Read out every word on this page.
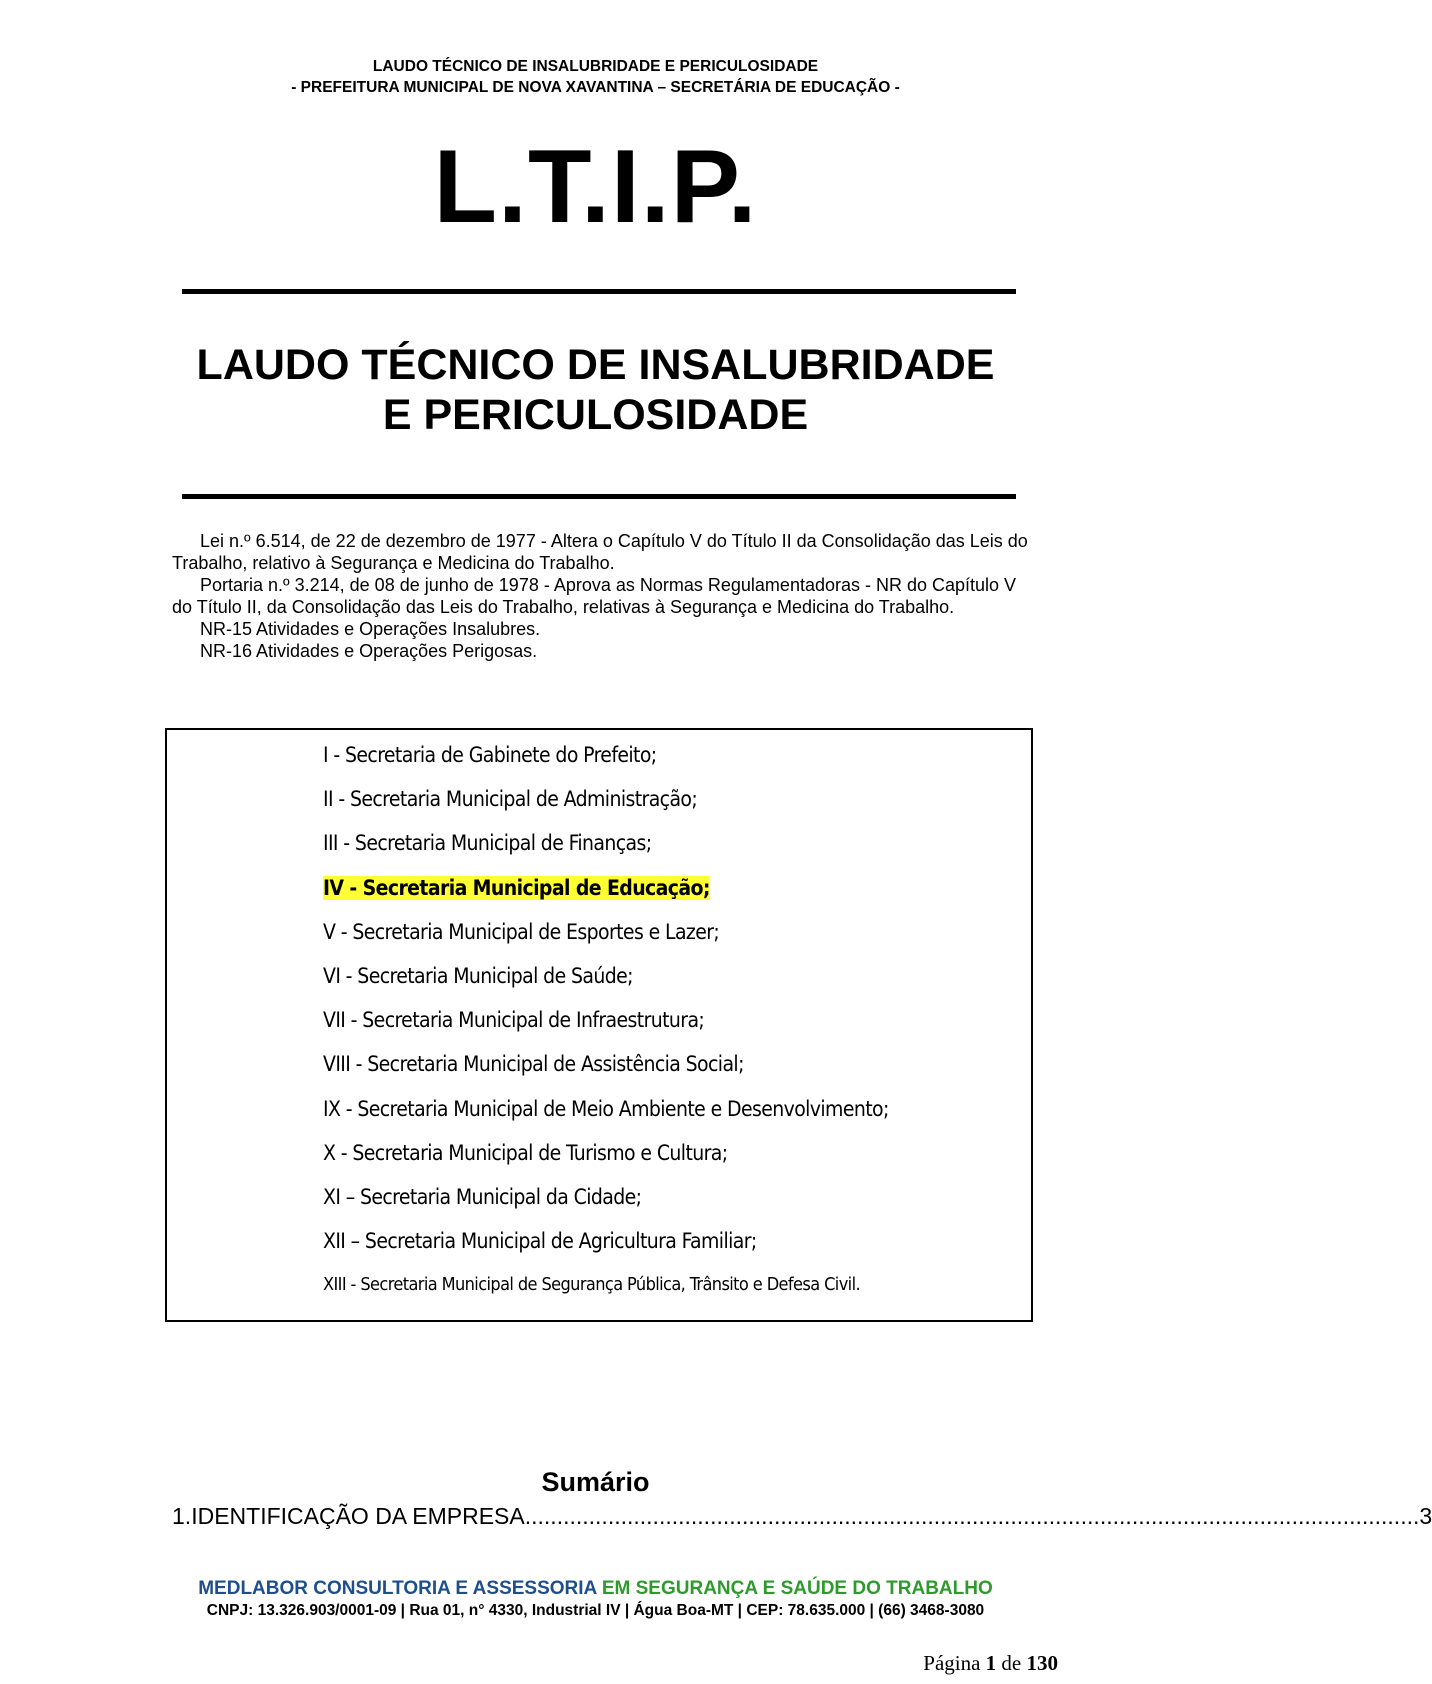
LAUDO TÉCNICO DE INSALUBRIDADE E PERICULOSIDADE
- PREFEITURA MUNICIPAL DE NOVA XAVANTINA – SECRETÁRIA DE EDUCAÇÃO -
L.T.I.P.
LAUDO TÉCNICO DE INSALUBRIDADE
E PERICULOSIDADE

Lei n.º 6.514, de 22 de dezembro de 1977 - Altera o Capítulo V do Título II da Consolidação das Leis do Trabalho, relativo à Segurança e Medicina do Trabalho.

Portaria n.º 3.214, de 08 de junho de 1978 - Aprova as Normas Regulamentadoras - NR do Capítulo V do Título II, da Consolidação das Leis do Trabalho, relativas à Segurança e Medicina do Trabalho.

NR-15 Atividades e Operações Insalubres.

NR-16 Atividades e Operações Perigosas.

I - Secretaria de Gabinete do Prefeito;
II - Secretaria Municipal de Administração;
III - Secretaria Municipal de Finanças;
IV - Secretaria Municipal de Educação;
V - Secretaria Municipal de Esportes e Lazer;
VI - Secretaria Municipal de Saúde;
VII - Secretaria Municipal de Infraestrutura;
VIII - Secretaria Municipal de Assistência Social;
IX - Secretaria Municipal de Meio Ambiente e Desenvolvimento;
X - Secretaria Municipal de Turismo e Cultura;
XI – Secretaria Municipal da Cidade;
XII – Secretaria Municipal de Agricultura Familiar;
XIII - Secretaria Municipal de Segurança Pública, Trânsito e Defesa Civil.
Sumário
1. IDENTIFICAÇÃO DA EMPRESA ............................................................................................................................................ 3
MEDLABOR CONSULTORIA E ASSESSORIA EM SEGURANÇA E SAÚDE DO TRABALHO
CNPJ: 13.326.903/0001-09 | Rua 01, n° 4330, Industrial IV | Água Boa-MT | CEP: 78.635.000 | (66) 3468-3080
Página 1 de 130
